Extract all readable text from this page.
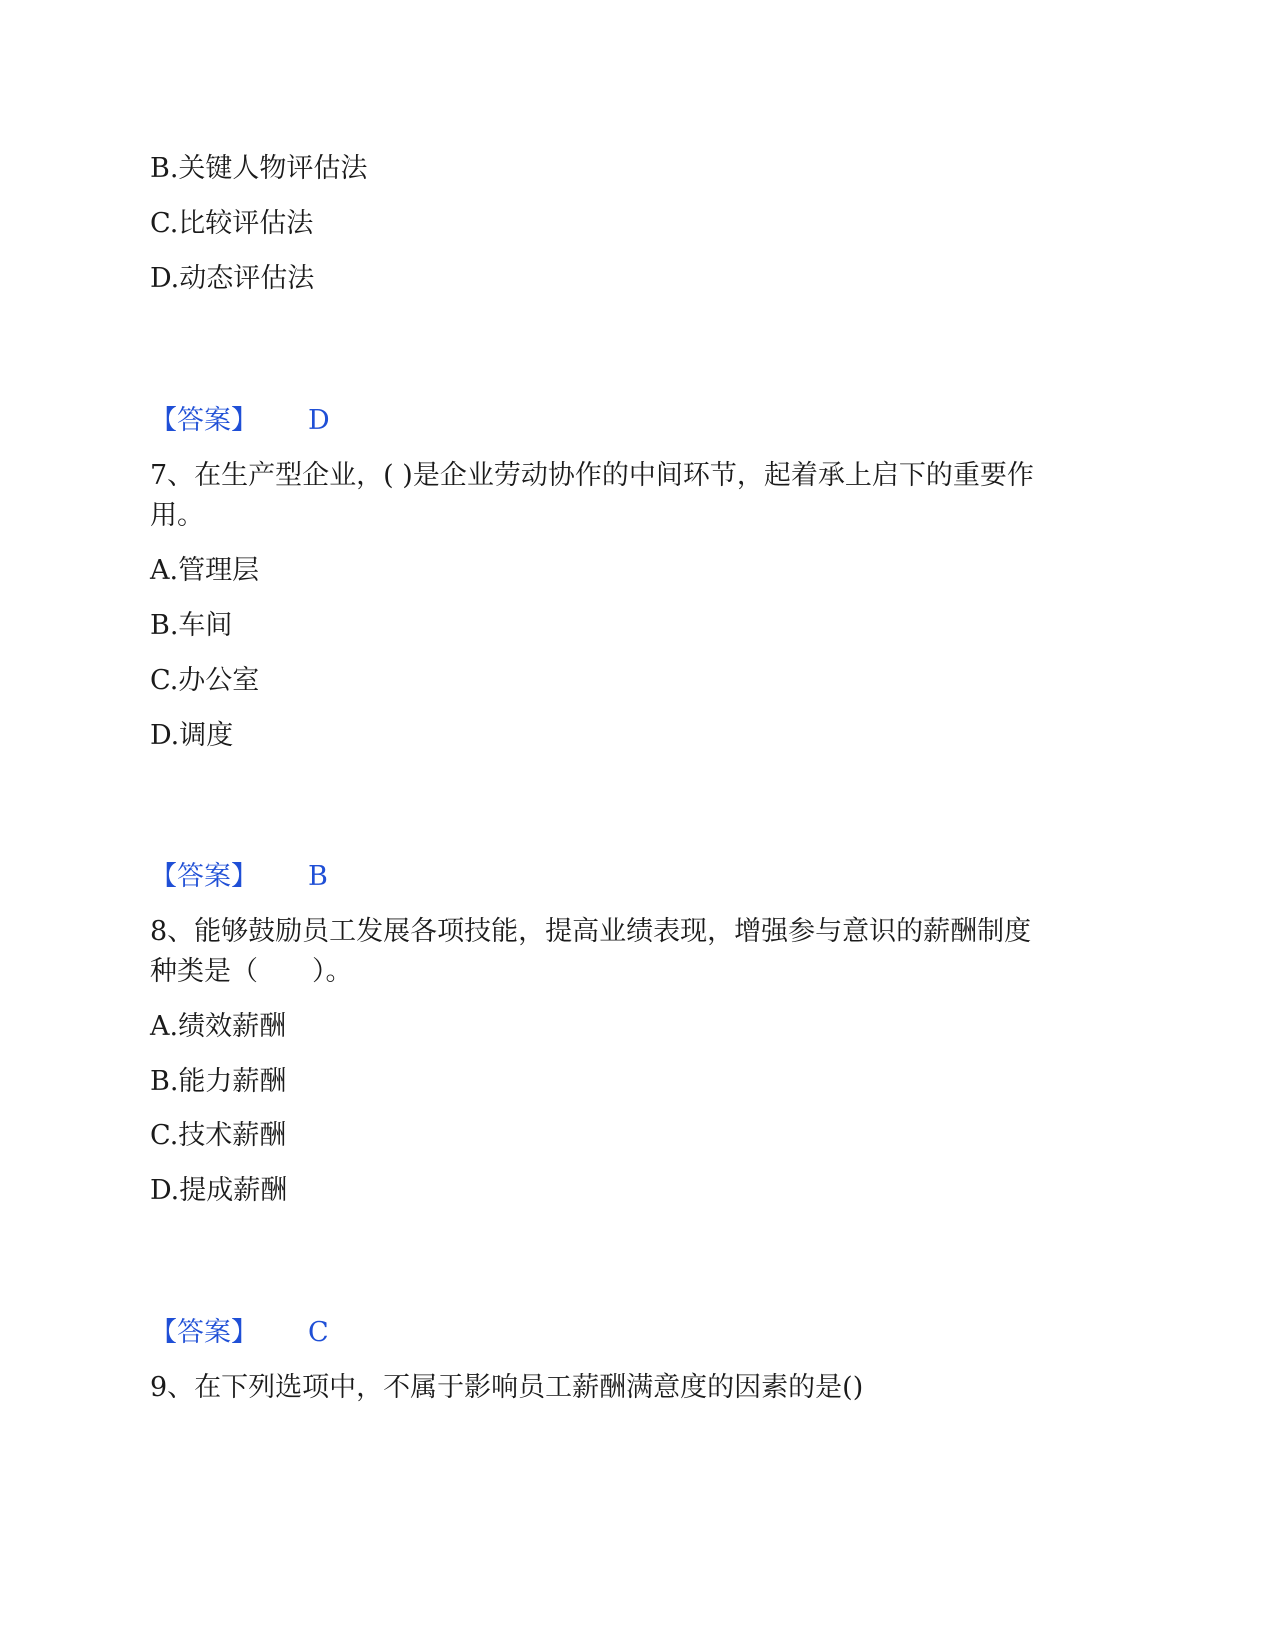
B.关键人物评估法
C.比较评估法
D.动态评估法
【答案】 D
7、在生产型企业，( )是企业劳动协作的中间环节，起着承上启下的重要作
用。
A.管理层
B.车间
C.办公室
D.调度
【答案】 B
8、能够鼓励员工发展各项技能，提高业绩表现，增强参与意识的薪酬制度
种类是（　　）。
A.绩效薪酬
B.能力薪酬
C.技术薪酬
D.提成薪酬
【答案】 C
9、在下列选项中，不属于影响员工薪酬满意度的因素的是()
